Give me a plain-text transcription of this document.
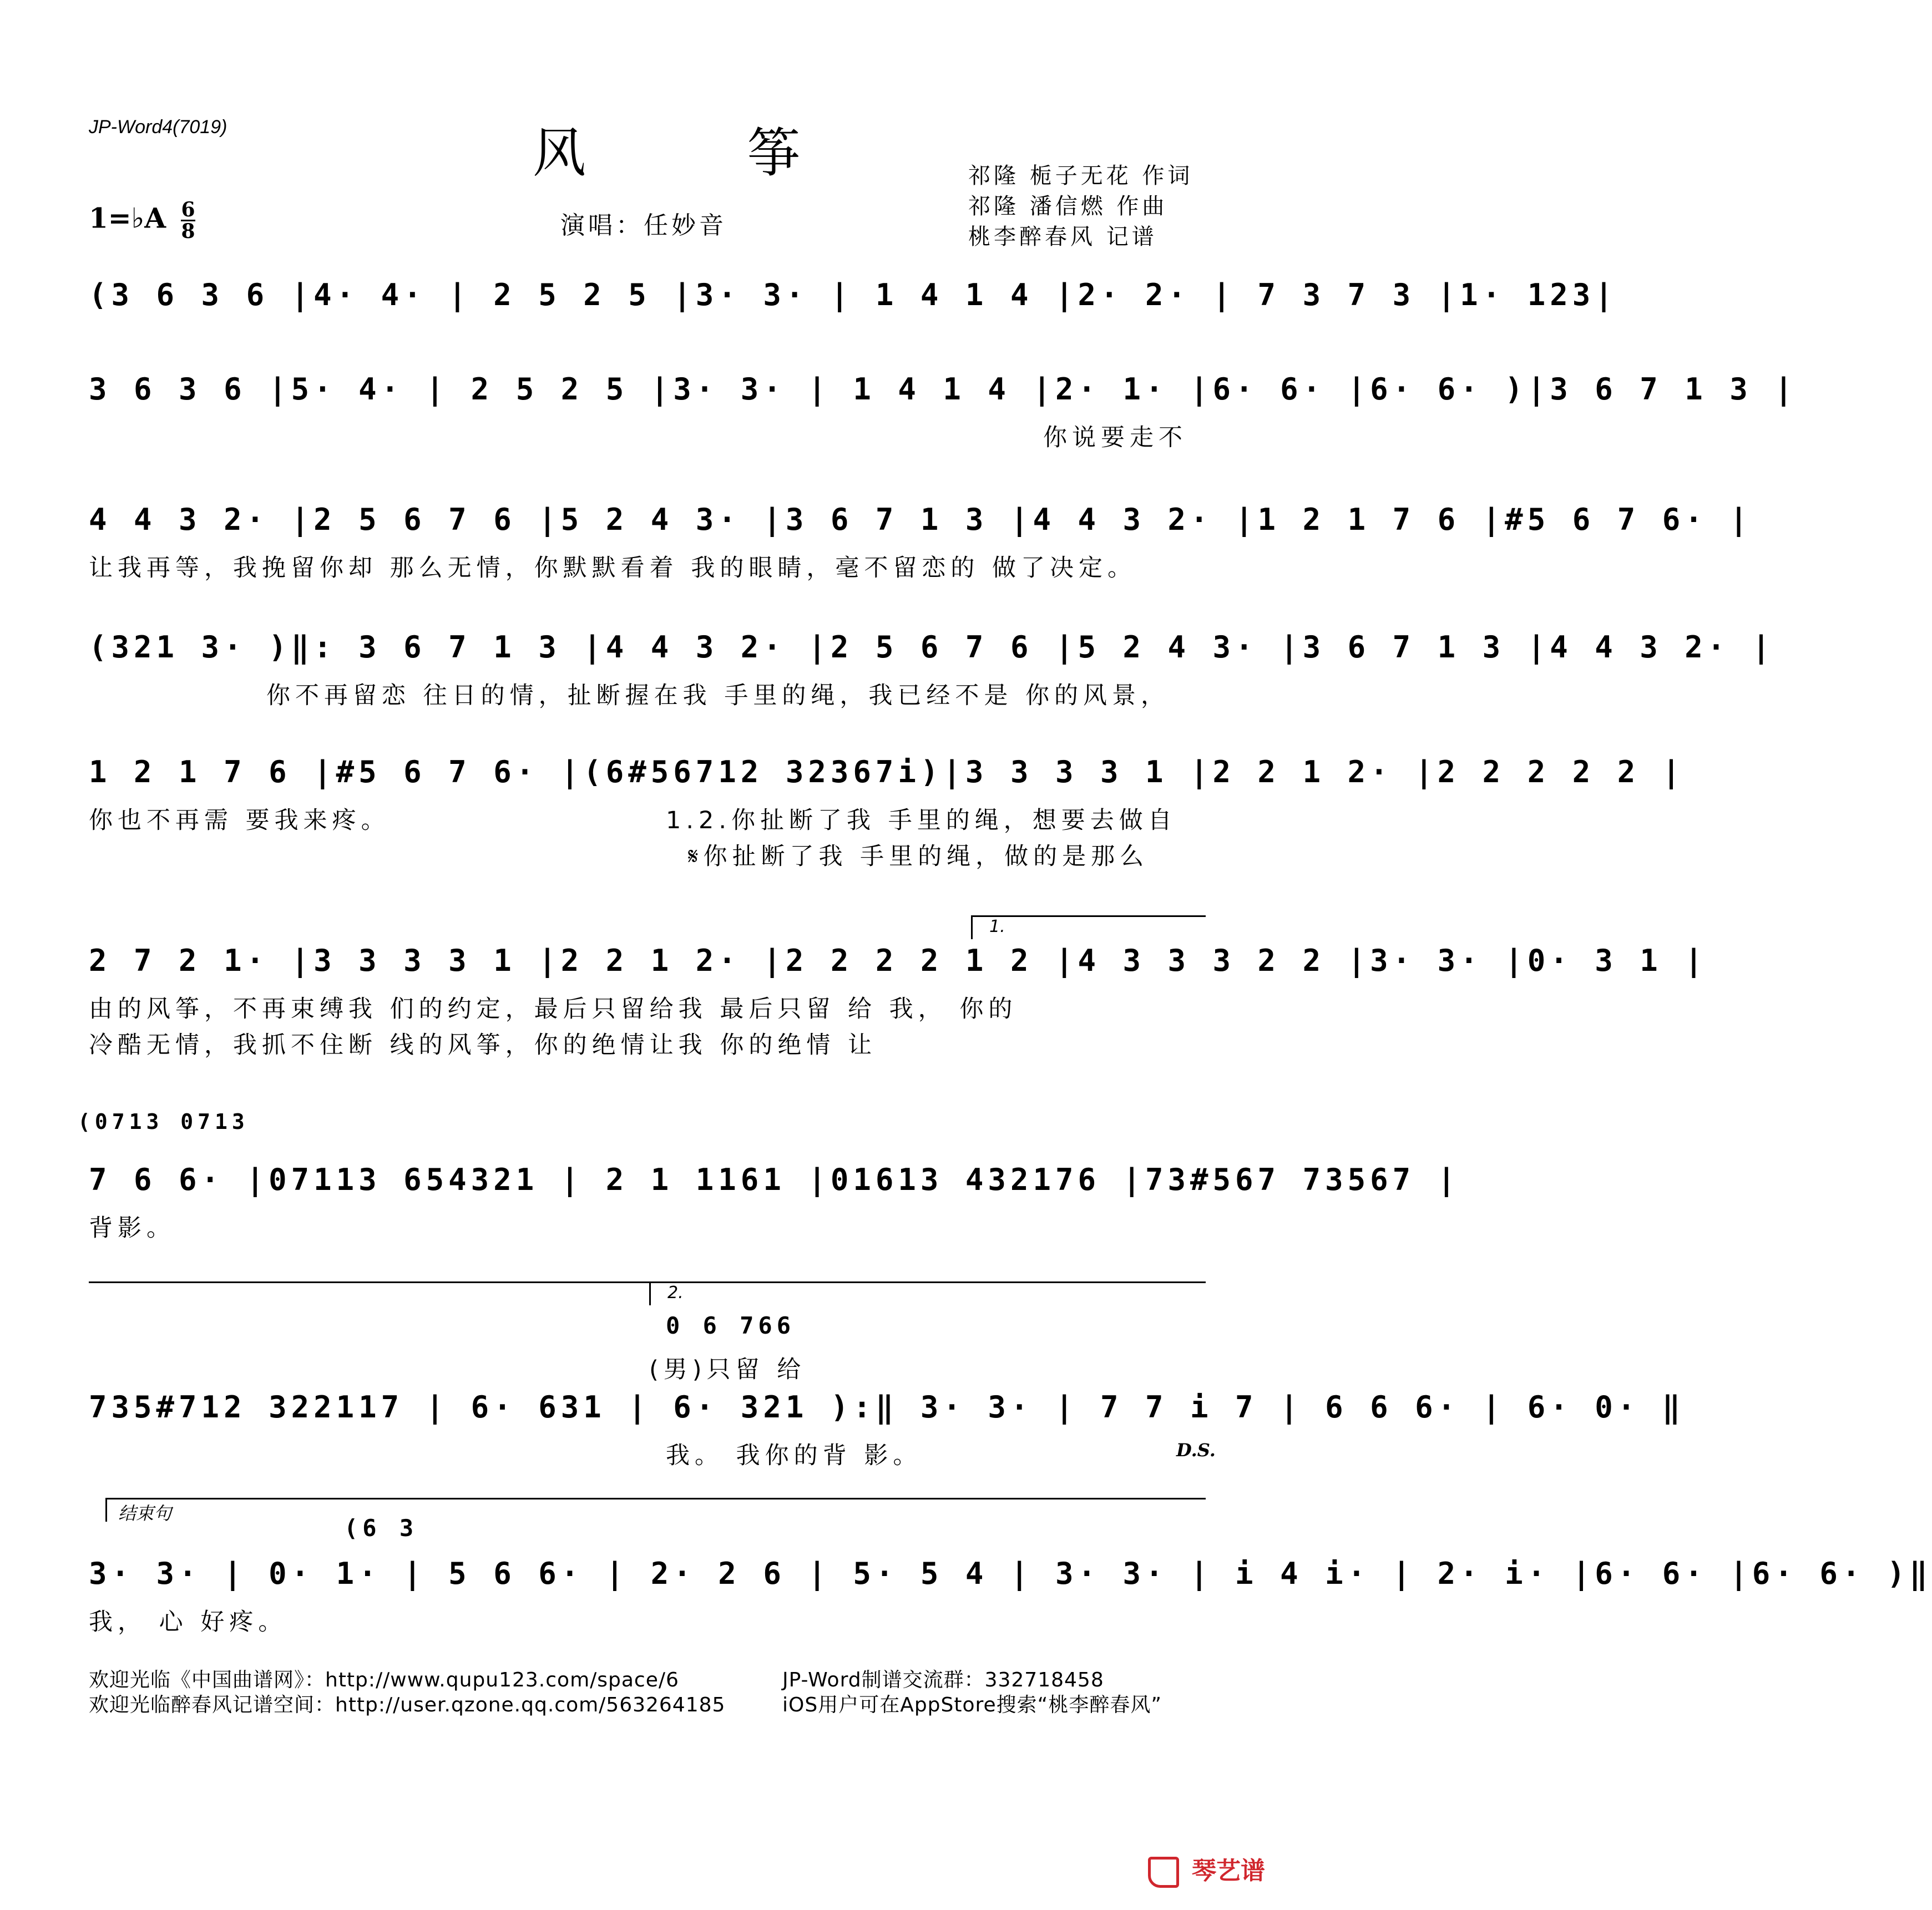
JP-Word4(7019)	风 筝
1=♭A $\frac{6}{8}$	演唱：任妙音
祁隆 栀子无花 作词
祁隆 潘信燃 作曲
桃李醉春风 记谱
(3 6 3 6 |4· 4· | 2 5 2 5 |3· 3· | 1 4 1 4 |2· 2· | 7 3 7 3 |1· 123|
3 6 3 6 |5· 4· | 2 5 2 5 |3· 3· | 1 4 1 4 |2· 1· |6· 6· |6· 6· )|3 6 7 1 3 |
你说要走不
4 4 3 2· |2 5 6 7 6 |5 2 4 3· |3 6 7 1 3 |4 4 3 2· |1 2 1 7 6 |#5 6 7 6· |
让我再等，我挽留你却 那么无情，你默默看着 我的眼睛，毫不留恋的 做了决定。
(321 3· )‖: 3 6 7 1 3 |4 4 3 2· |2 5 6 7 6 |5 2 4 3· |3 6 7 1 3 |4 4 3 2· |
你不再留恋 往日的情，扯断握在我 手里的绳，我已经不是 你的风景，
1 2 1 7 6 |#5 6 7 6· |(6#56712 32367i)|3 3 3 3 1 |2 2 1 2· |2 2 2 2 2 |
你也不再需 要我来疼。	1.2.你扯断了我 手里的绳，想要去做自
𝄋你扯断了我 手里的绳，做的是那么
1.
2 7 2 1· |3 3 3 3 1 |2 2 1 2· |2 2 2 2 1 2 |4 3 3 3 2 2 |3· 3· |0· 3 1 |
由的风筝，不再束缚我 们的约定，最后只留给我 最后只留 给 我， 你的
冷酷无情，我抓不住断 线的风筝，你的绝情让我 你的绝情 让
(0713 0713
7 6 6· |07113 654321 | 2 1 1161 |01613 432176 |73#567 73567 |
背影。
2.
0 6 766
(男)只留 给
735#712 322117 | 6· 631 | 6· 321 ):‖ 3· 3· | 7 7 i 7 | 6 6 6· | 6· 0· ‖
我。 我你的背 影。	D.S.
结束句
(6 3
3· 3· | 0· 1· | 5 6 6· | 2· 2 6 | 5· 5 4 | 3· 3· | i 4 i· | 2· i· |6· 6· |6· 6· )‖
我， 心 好疼。
欢迎光临《中国曲谱网》：http://www.qupu123.com/space/6
欢迎光临醉春风记谱空间：http://user.qzone.qq.com/563264185
JP-Word制谱交流群：332718458
iOS用户可在AppStore搜索“桃李醉春风”
琴艺谱
